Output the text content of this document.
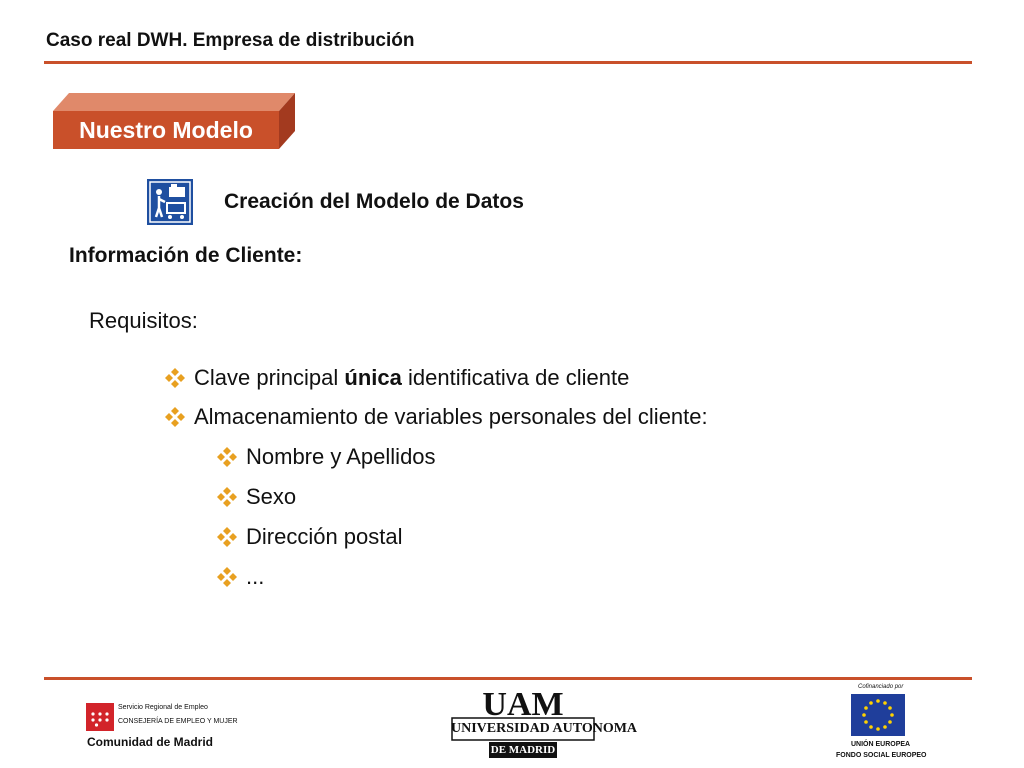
Caso real DWH. Empresa de distribución
Nuestro Modelo
Creación del Modelo de Datos
Información de Cliente:
Requisitos:
Clave principal única identificativa de cliente
Almacenamiento de variables personales del cliente:
Nombre y Apellidos
Sexo
Dirección postal
...
Servicio Regional de Empleo
CONSEJERÍA DE EMPLEO Y MUJER
Comunidad de Madrid
UAM
UNIVERSIDAD AUTONOMA
DE MADRID
Cofinanciado por
UNIÓN EUROPEA
FONDO SOCIAL EUROPEO
